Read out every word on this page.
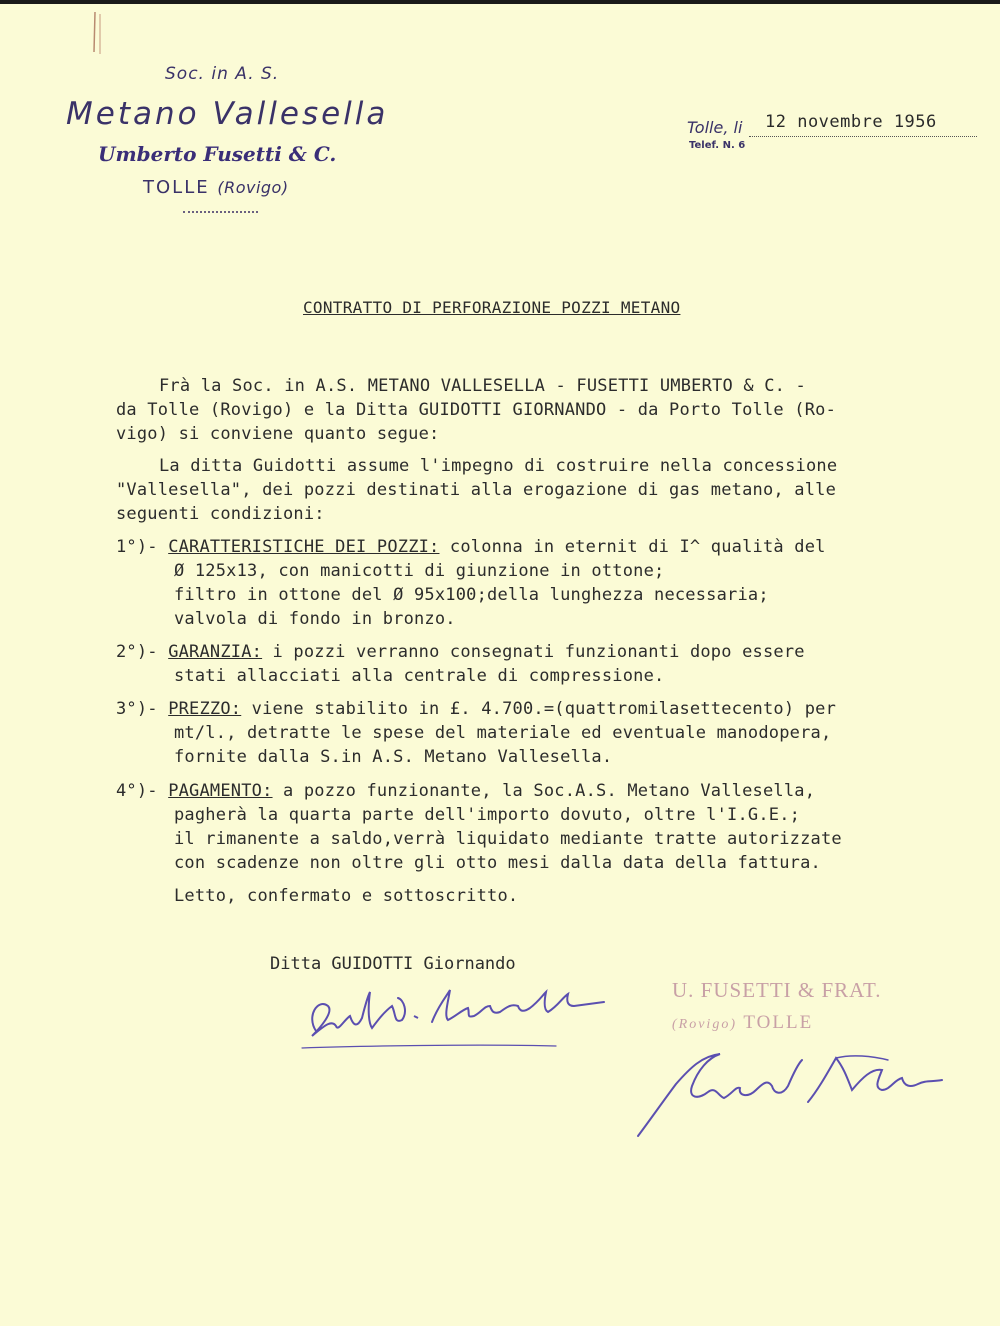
Soc. in A. S.
Metano Vallesella
Umberto Fusetti & C.
TOLLE (Rovigo)
Tolle, li 12 novembre 1956
Telef. N. 6
CONTRATTO DI PERFORAZIONE POZZI METANO
Frà la Soc. in A.S. METANO VALLESELLA - FUSETTI UMBERTO & C. -
da Tolle (Rovigo) e la Ditta GUIDOTTI GIORNANDO - da Porto Tolle (Ro-
vigo) si conviene quanto segue:
La ditta Guidotti assume l'impegno di costruire nella concessione
"Vallesella", dei pozzi destinati alla erogazione di gas metano, alle
seguenti condizioni:
1°)- CARATTERISTICHE DEI POZZI: colonna in eternit di I^ qualità del
Ø 125x13, con manicotti di giunzione in ottone;
filtro in ottone del Ø 95x100;della lunghezza necessaria;
valvola di fondo in bronzo.
2°)- GARANZIA: i pozzi verranno consegnati funzionanti dopo essere
stati allacciati alla centrale di compressione.
3°)- PREZZO: viene stabilito in £. 4.700.=(quattromilasettecento) per
mt/l., detratte le spese del materiale ed eventuale manodopera,
fornite dalla S.in A.S. Metano Vallesella.
4°)- PAGAMENTO: a pozzo funzionante, la Soc.A.S. Metano Vallesella,
pagherà la quarta parte dell'importo dovuto, oltre l'I.G.E.;
il rimanente a saldo,verrà liquidato mediante tratte autorizzate
con scadenze non oltre gli otto mesi dalla data della fattura.
Letto, confermato e sottoscritto.
Ditta GUIDOTTI Giornando
U. FUSETTI & FRAT.
(Rovigo) TOLLE
